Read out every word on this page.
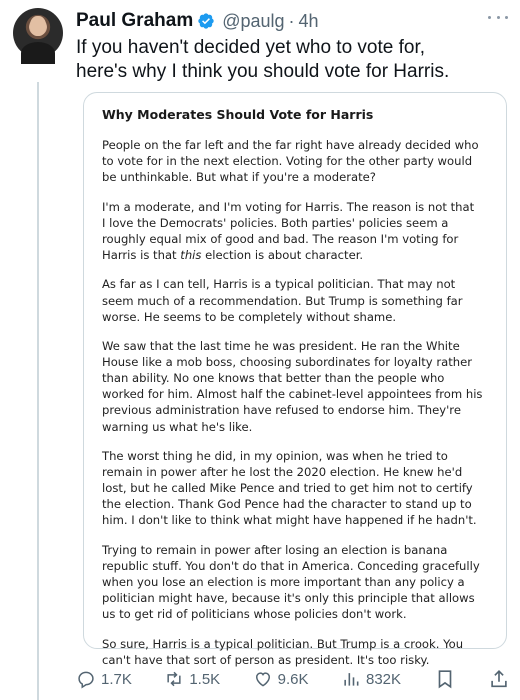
Paul Graham @paulg · 4h
If you haven't decided yet who to vote for,
here's why I think you should vote for Harris.
Why Moderates Should Vote for Harris
People on the far left and the far right have already decided who
to vote for in the next election. Voting for the other party would
be unthinkable. But what if you're a moderate?
I'm a moderate, and I'm voting for Harris. The reason is not that
I love the Democrats' policies. Both parties' policies seem a
roughly equal mix of good and bad. The reason I'm voting for
Harris is that this election is about character.
As far as I can tell, Harris is a typical politician. That may not
seem much of a recommendation. But Trump is something far
worse. He seems to be completely without shame.
We saw that the last time he was president. He ran the White
House like a mob boss, choosing subordinates for loyalty rather
than ability. No one knows that better than the people who
worked for him. Almost half the cabinet-level appointees from his
previous administration have refused to endorse him. They're
warning us what he's like.
The worst thing he did, in my opinion, was when he tried to
remain in power after he lost the 2020 election. He knew he'd
lost, but he called Mike Pence and tried to get him not to certify
the election. Thank God Pence had the character to stand up to
him. I don't like to think what might have happened if he hadn't.
Trying to remain in power after losing an election is banana
republic stuff. You don't do that in America. Conceding gracefully
when you lose an election is more important than any policy a
politician might have, because it's only this principle that allows
us to get rid of politicians whose policies don't work.
So sure, Harris is a typical politician. But Trump is a crook. You
can't have that sort of person as president. It's too risky.
1.7K	1.5K	9.6K	832K
